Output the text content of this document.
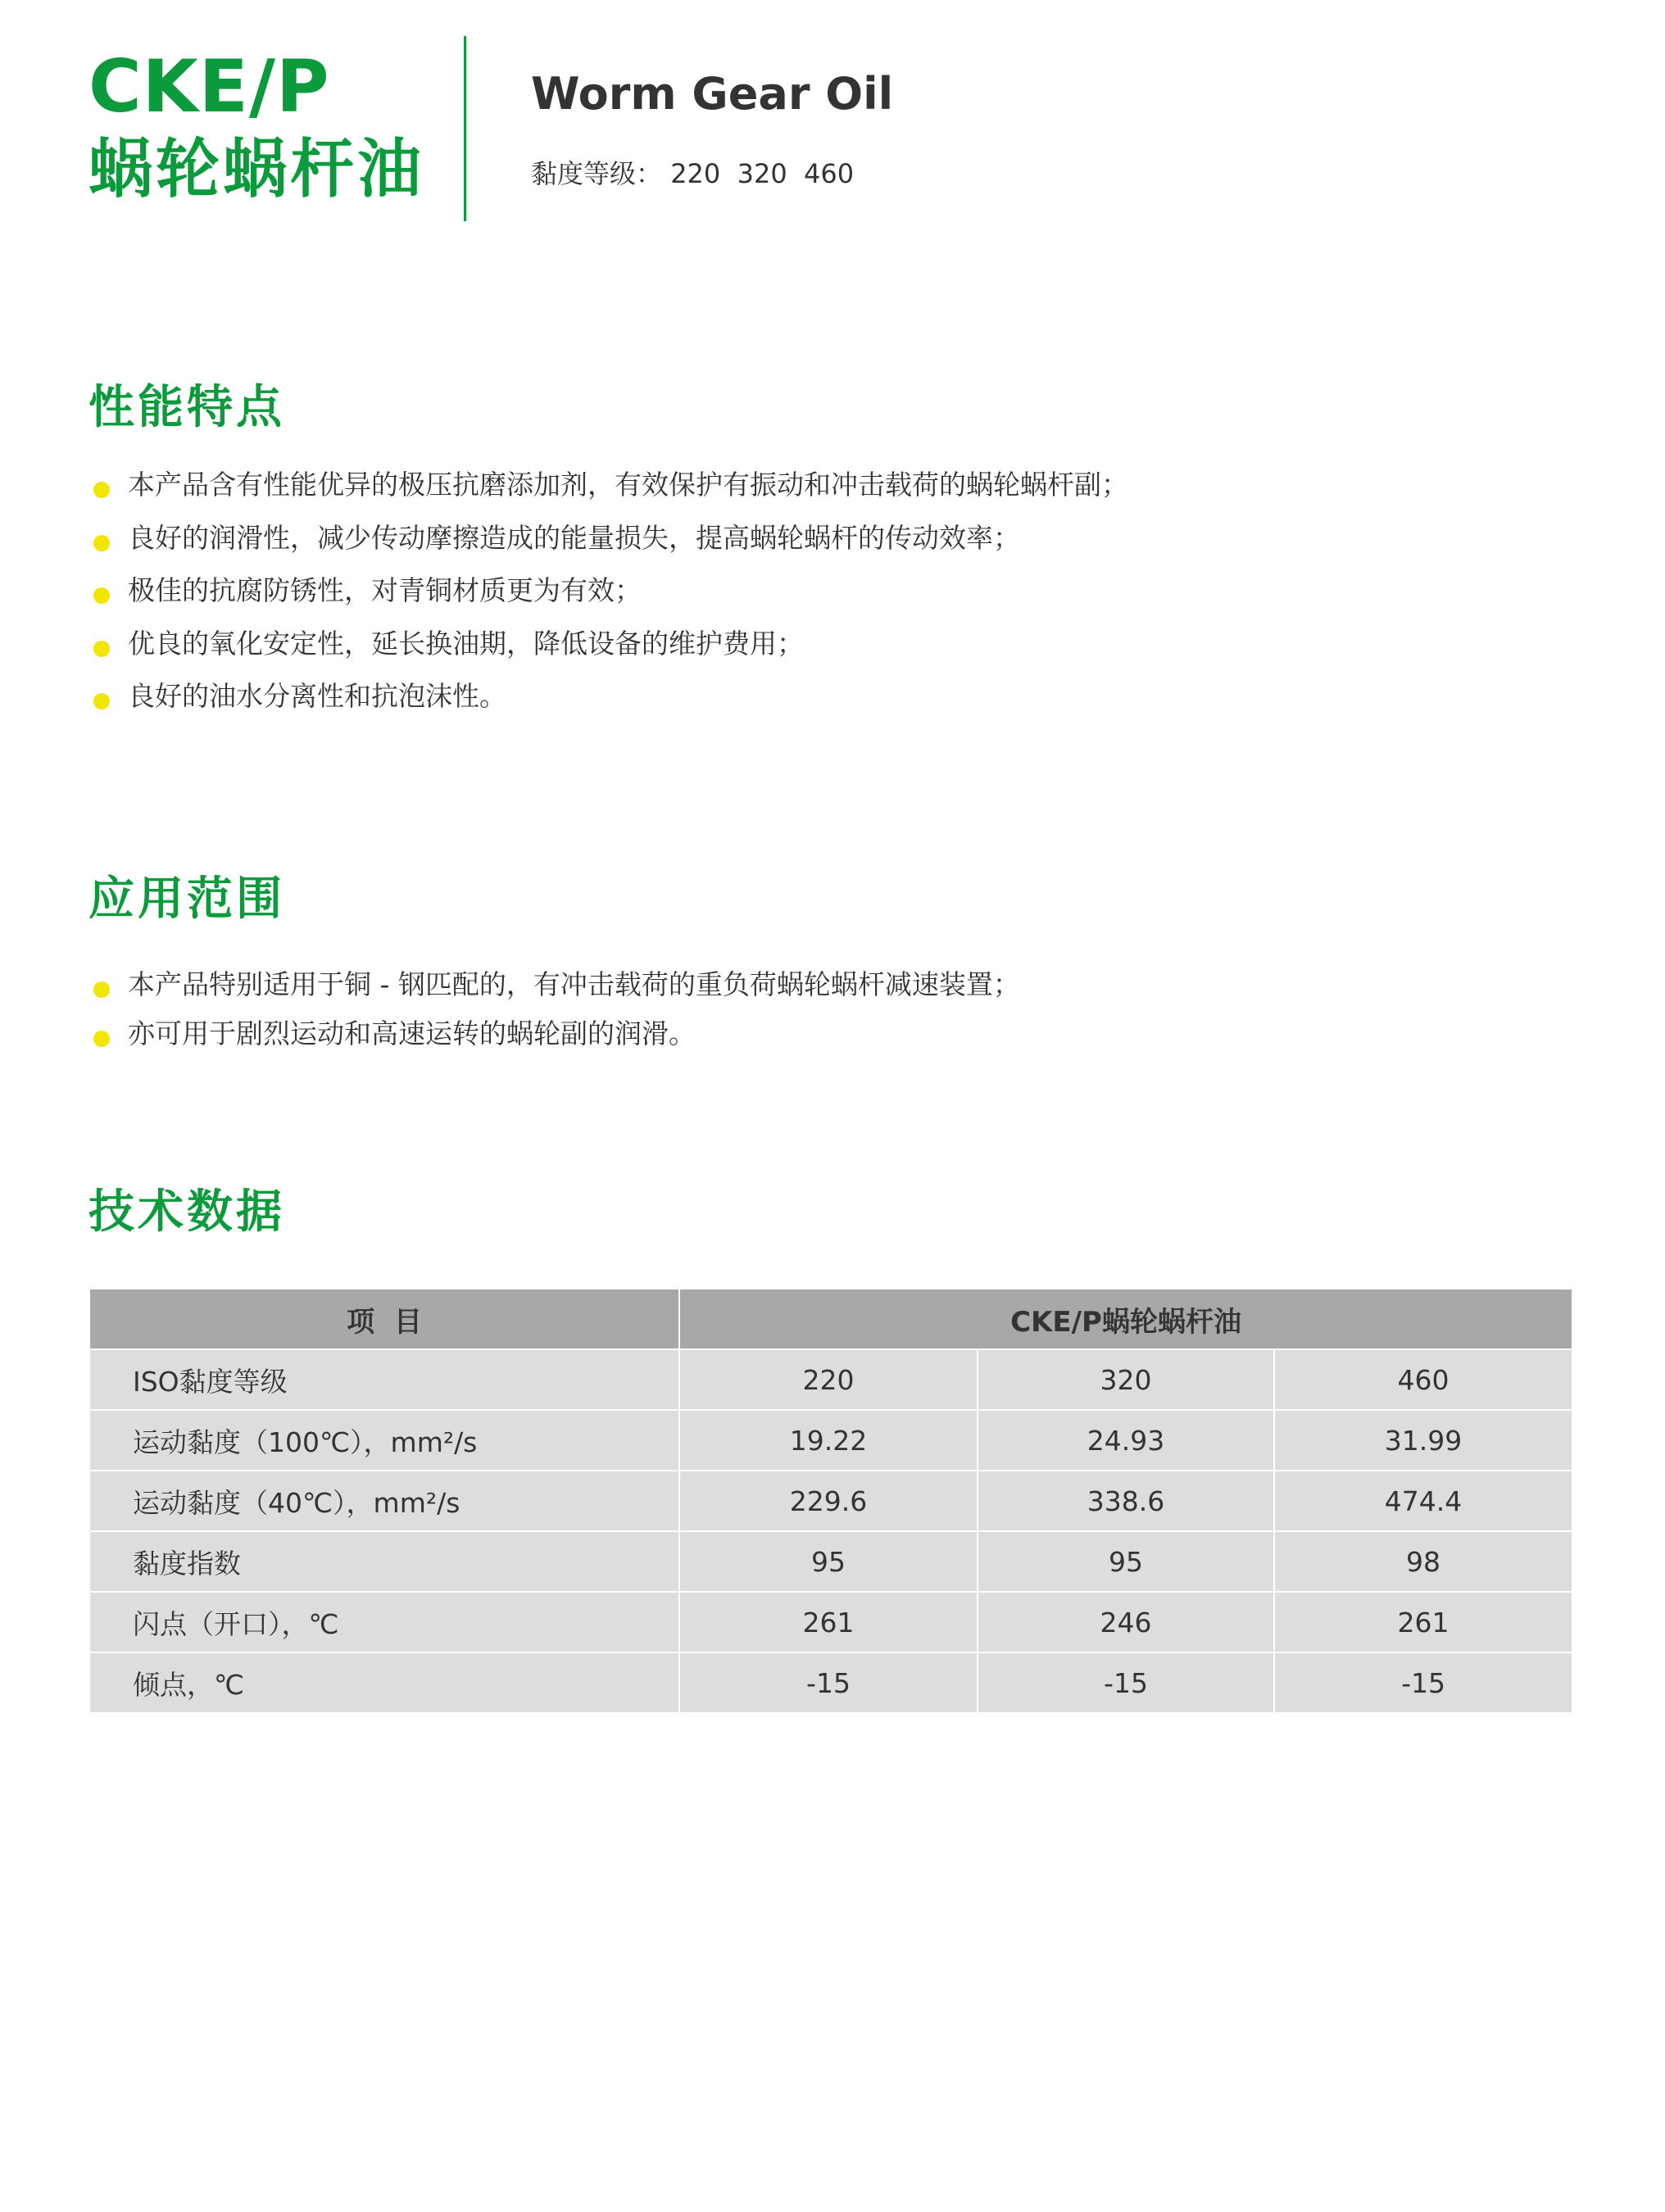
CKE/P
蜗轮蜗杆油
Worm Gear Oil
黏度等级： 220  320  460
性能特点
本产品含有性能优异的极压抗磨添加剂，有效保护有振动和冲击载荷的蜗轮蜗杆副；
良好的润滑性，减少传动摩擦造成的能量损失，提高蜗轮蜗杆的传动效率；
极佳的抗腐防锈性，对青铜材质更为有效；
优良的氧化安定性，延长换油期，降低设备的维护费用；
良好的油水分离性和抗泡沫性。
应用范围
本产品特别适用于铜 - 钢匹配的，有冲击载荷的重负荷蜗轮蜗杆减速装置；
亦可用于剧烈运动和高速运转的蜗轮副的润滑。
技术数据
项  目	CKE/P蜗轮蜗杆油		
ISO黏度等级	220	320	460
运动黏度（100℃），mm²/s	19.22	24.93	31.99
运动黏度（40℃），mm²/s	229.6	338.6	474.4
黏度指数	95	95	98
闪点（开口），℃	261	246	261
倾点，℃	-15	-15	-15
